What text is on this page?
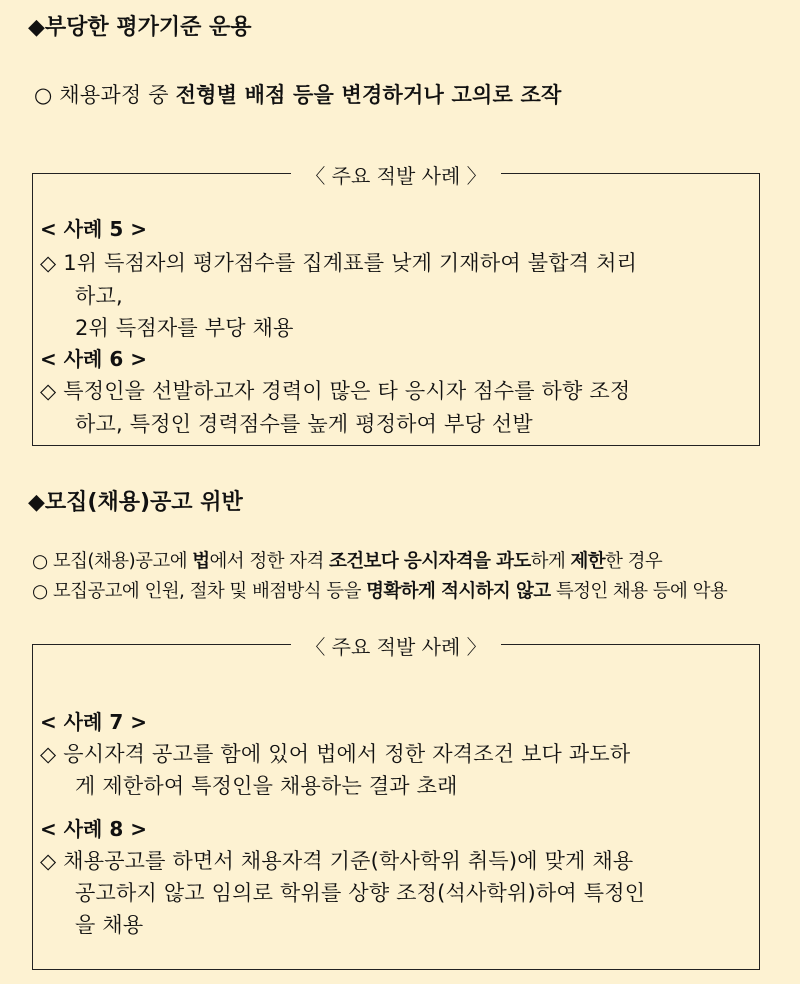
◆부당한 평가기준 운용
○ 채용과정 중 전형별 배점 등을 변경하거나 고의로 조작
〈 주요 적발 사례 〉
< 사례 5 >
◇ 1위 득점자의 평가점수를 집계표를 낮게 기재하여 불합격 처리
하고,
2위 득점자를 부당 채용
< 사례 6 >
◇ 특정인을 선발하고자 경력이 많은 타 응시자 점수를 하향 조정
하고, 특정인 경력점수를 높게 평정하여 부당 선발
◆모집(채용)공고 위반
○ 모집(채용)공고에 법에서 정한 자격 조건보다 응시자격을 과도하게 제한한 경우
○ 모집공고에 인원, 절차 및 배점방식 등을 명확하게 적시하지 않고 특정인 채용 등에 악용
〈 주요 적발 사례 〉
< 사례 7 >
◇ 응시자격 공고를 함에 있어 법에서 정한 자격조건 보다 과도하
게 제한하여 특정인을 채용하는 결과 초래
< 사례 8 >
◇ 채용공고를 하면서 채용자격 기준(학사학위 취득)에 맞게 채용
공고하지 않고 임의로 학위를 상향 조정(석사학위)하여 특정인
을 채용
